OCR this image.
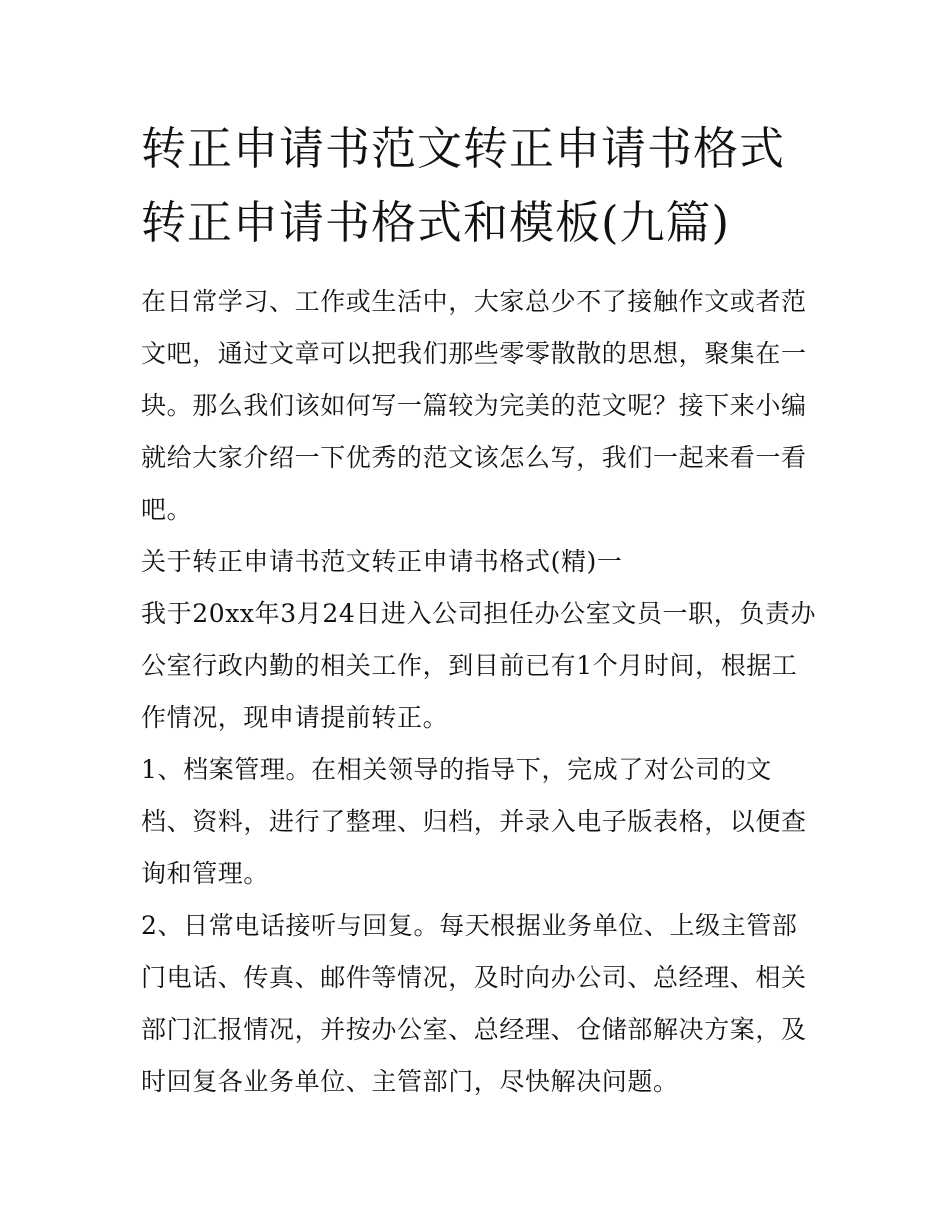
转正申请书范文转正申请书格式 转正申请书格式和模板(九篇)

在日常学习、工作或生活中，大家总少不了接触作文或者范文吧，通过文章可以把我们那些零零散散的思想，聚集在一块。那么我们该如何写一篇较为完美的范文呢？接下来小编就给大家介绍一下优秀的范文该怎么写，我们一起来看一看吧。

关于转正申请书范文转正申请书格式(精)一

我于20xx年3月24日进入公司担任办公室文员一职，负责办公室行政内勤的相关工作，到目前已有1个月时间，根据工作情况，现申请提前转正。

1、档案管理。在相关领导的指导下，完成了对公司的文档、资料，进行了整理、归档，并录入电子版表格，以便查询和管理。

2、日常电话接听与回复。每天根据业务单位、上级主管部门电话、传真、邮件等情况，及时向办公司、总经理、相关部门汇报情况，并按办公室、总经理、仓储部解决方案，及时回复各业务单位、主管部门，尽快解决问题。
